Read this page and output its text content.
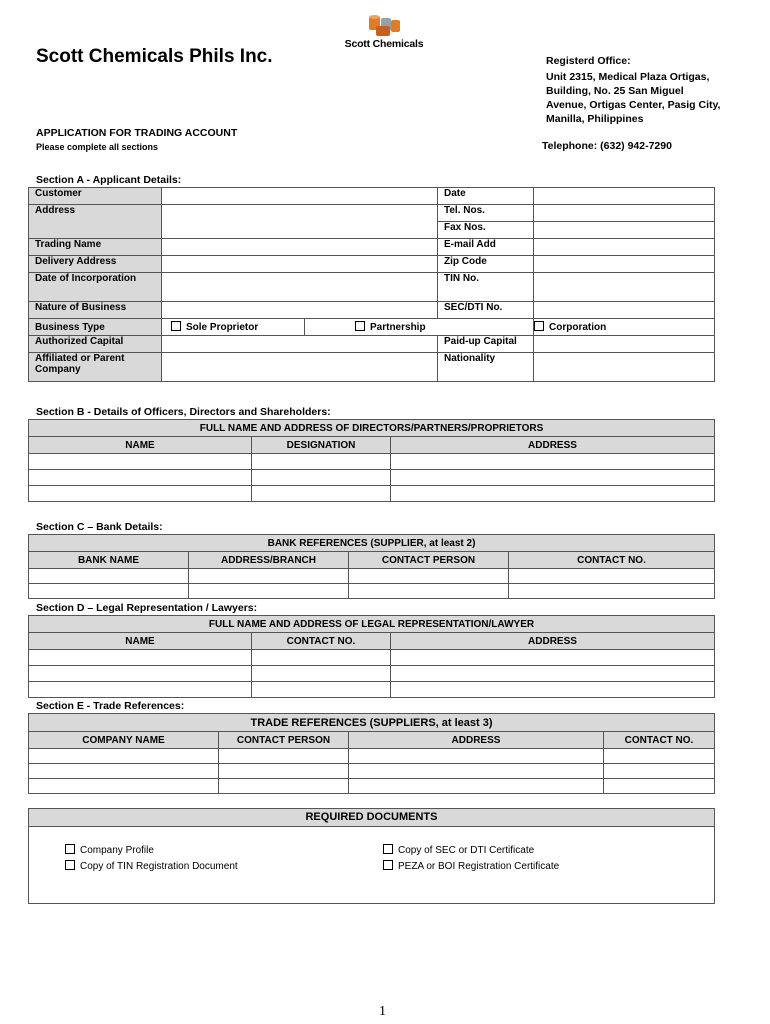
Scott Chemicals Phils Inc.
Scott Chemicals
Registerd Office:
Unit 2315, Medical Plaza Ortigas,
Building, No. 25 San Miguel
Avenue, Ortigas Center, Pasig City,
Manilla, Philippines
APPLICATION FOR TRADING ACCOUNT
Please complete all sections	Telephone: (632) 942-7290
Section A - Applicant Details:
Customer			Date	
Address			Tel. Nos.	
			Fax Nos.	
Trading Name			E-mail Add	
Delivery Address			Zip Code	
Date of Incorporation			TIN No.	
Nature of Business			SEC/DTI No.	
Business Type	Sole Proprietor	Partnership		Corporation
Authorized Capital			Paid-up Capital	
Affiliated or Parent Company			Nationality	
Section B - Details of Officers, Directors and Shareholders:
FULL NAME AND ADDRESS OF DIRECTORS/PARTNERS/PROPRIETORS		
NAME	DESIGNATION	ADDRESS

Section C – Bank Details:
BANK REFERENCES (SUPPLIER, at least 2)			
BANK NAME	ADDRESS/BRANCH	CONTACT PERSON	CONTACT NO.

Section D – Legal Representation / Lawyers:
FULL NAME AND ADDRESS OF LEGAL REPRESENTATION/LAWYER		
NAME	CONTACT NO.	ADDRESS

Section E - Trade References:
TRADE REFERENCES (SUPPLIERS, at least 3)			
COMPANY NAME	CONTACT PERSON	ADDRESS	CONTACT NO.

REQUIRED DOCUMENTS
Company Profile
Copy of TIN Registration Document
Copy of SEC or DTI Certificate
PEZA or BOI Registration Certificate
1
